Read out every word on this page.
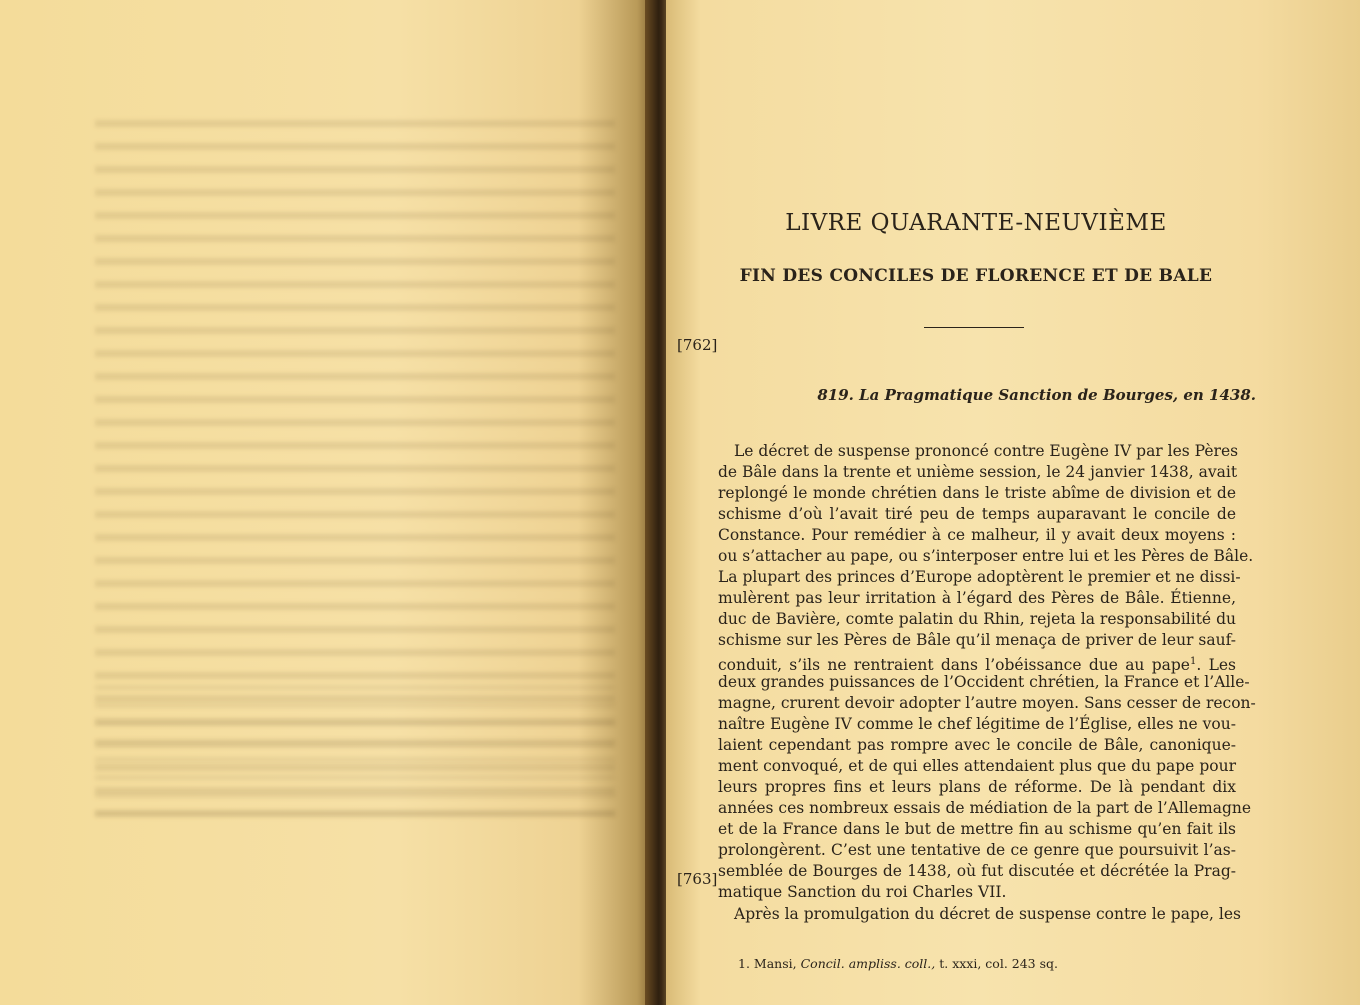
LIVRE QUARANTE-NEUVIÈME
FIN DES CONCILES DE FLORENCE ET DE BALE
[762]
[763]
819. La Pragmatique Sanction de Bourges, en 1438.
Le décret de suspense prononcé contre Eugène IV par les Pères
de Bâle dans la trente et unième session, le 24 janvier 1438, avait
replongé le monde chrétien dans le triste abîme de division et de
schisme d’où l’avait tiré peu de temps auparavant le concile de
Constance. Pour remédier à ce malheur, il y avait deux moyens :
ou s’attacher au pape, ou s’interposer entre lui et les Pères de Bâle.
La plupart des princes d’Europe adoptèrent le premier et ne dissi-
mulèrent pas leur irritation à l’égard des Pères de Bâle. Étienne,
duc de Bavière, comte palatin du Rhin, rejeta la responsabilité du
schisme sur les Pères de Bâle qu’il menaça de priver de leur sauf-
conduit, s’ils ne rentraient dans l’obéissance due au pape$^1$. Les
deux grandes puissances de l’Occident chrétien, la France et l’Alle-
magne, crurent devoir adopter l’autre moyen. Sans cesser de recon-
naître Eugène IV comme le chef légitime de l’Église, elles ne vou-
laient cependant pas rompre avec le concile de Bâle, canonique-
ment convoqué, et de qui elles attendaient plus que du pape pour
leurs propres fins et leurs plans de réforme. De là pendant dix
années ces nombreux essais de médiation de la part de l’Allemagne
et de la France dans le but de mettre fin au schisme qu’en fait ils
prolongèrent. C’est une tentative de ce genre que poursuivit l’as-
semblée de Bourges de 1438, où fut discutée et décrétée la Prag-
matique Sanction du roi Charles VII.
Après la promulgation du décret de suspense contre le pape, les
1. Mansi, Concil. ampliss. coll., t. xxxi, col. 243 sq.
